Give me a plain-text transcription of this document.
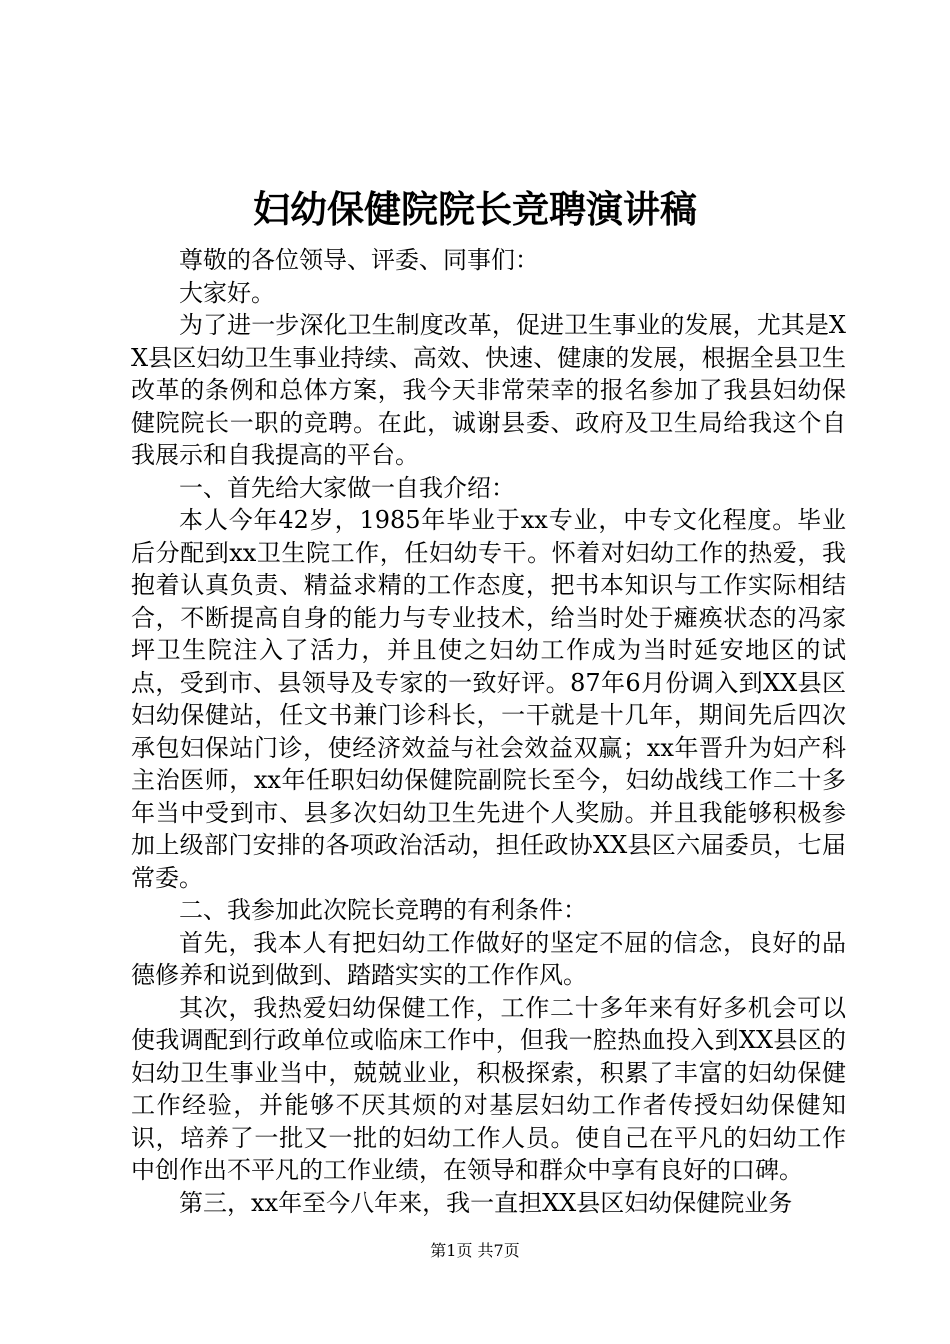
妇幼保健院院长竞聘演讲稿

尊敬的各位领导、评委、同事们：

大家好。

为了进一步深化卫生制度改革，促进卫生事业的发展，尤其是XX县区妇幼卫生事业持续、高效、快速、健康的发展，根据全县卫生改革的条例和总体方案，我今天非常荣幸的报名参加了我县妇幼保健院院长一职的竞聘。在此，诚谢县委、政府及卫生局给我这个自我展示和自我提高的平台。

一、首先给大家做一自我介绍：

本人今年42岁，1985年毕业于xx专业，中专文化程度。毕业后分配到xx卫生院工作，任妇幼专干。怀着对妇幼工作的热爱，我抱着认真负责、精益求精的工作态度，把书本知识与工作实际相结合，不断提高自身的能力与专业技术，给当时处于瘫痪状态的冯家坪卫生院注入了活力，并且使之妇幼工作成为当时延安地区的试点，受到市、县领导及专家的一致好评。87年6月份调入到XX县区妇幼保健站，任文书兼门诊科长，一干就是十几年，期间先后四次承包妇保站门诊，使经济效益与社会效益双赢；xx年晋升为妇产科主治医师，xx年任职妇幼保健院副院长至今，妇幼战线工作二十多年当中受到市、县多次妇幼卫生先进个人奖励。并且我能够积极参加上级部门安排的各项政治活动，担任政协XX县区六届委员，七届常委。

二、我参加此次院长竞聘的有利条件：

首先，我本人有把妇幼工作做好的坚定不屈的信念，良好的品德修养和说到做到、踏踏实实的工作作风。

其次，我热爱妇幼保健工作，工作二十多年来有好多机会可以使我调配到行政单位或临床工作中，但我一腔热血投入到XX县区的妇幼卫生事业当中，兢兢业业，积极探索，积累了丰富的妇幼保健工作经验，并能够不厌其烦的对基层妇幼工作者传授妇幼保健知识，培养了一批又一批的妇幼工作人员。使自己在平凡的妇幼工作中创作出不平凡的工作业绩，在领导和群众中享有良好的口碑。

第三，xx年至今八年来，我一直担XX县区妇幼保健院业务

第1页 共7页
